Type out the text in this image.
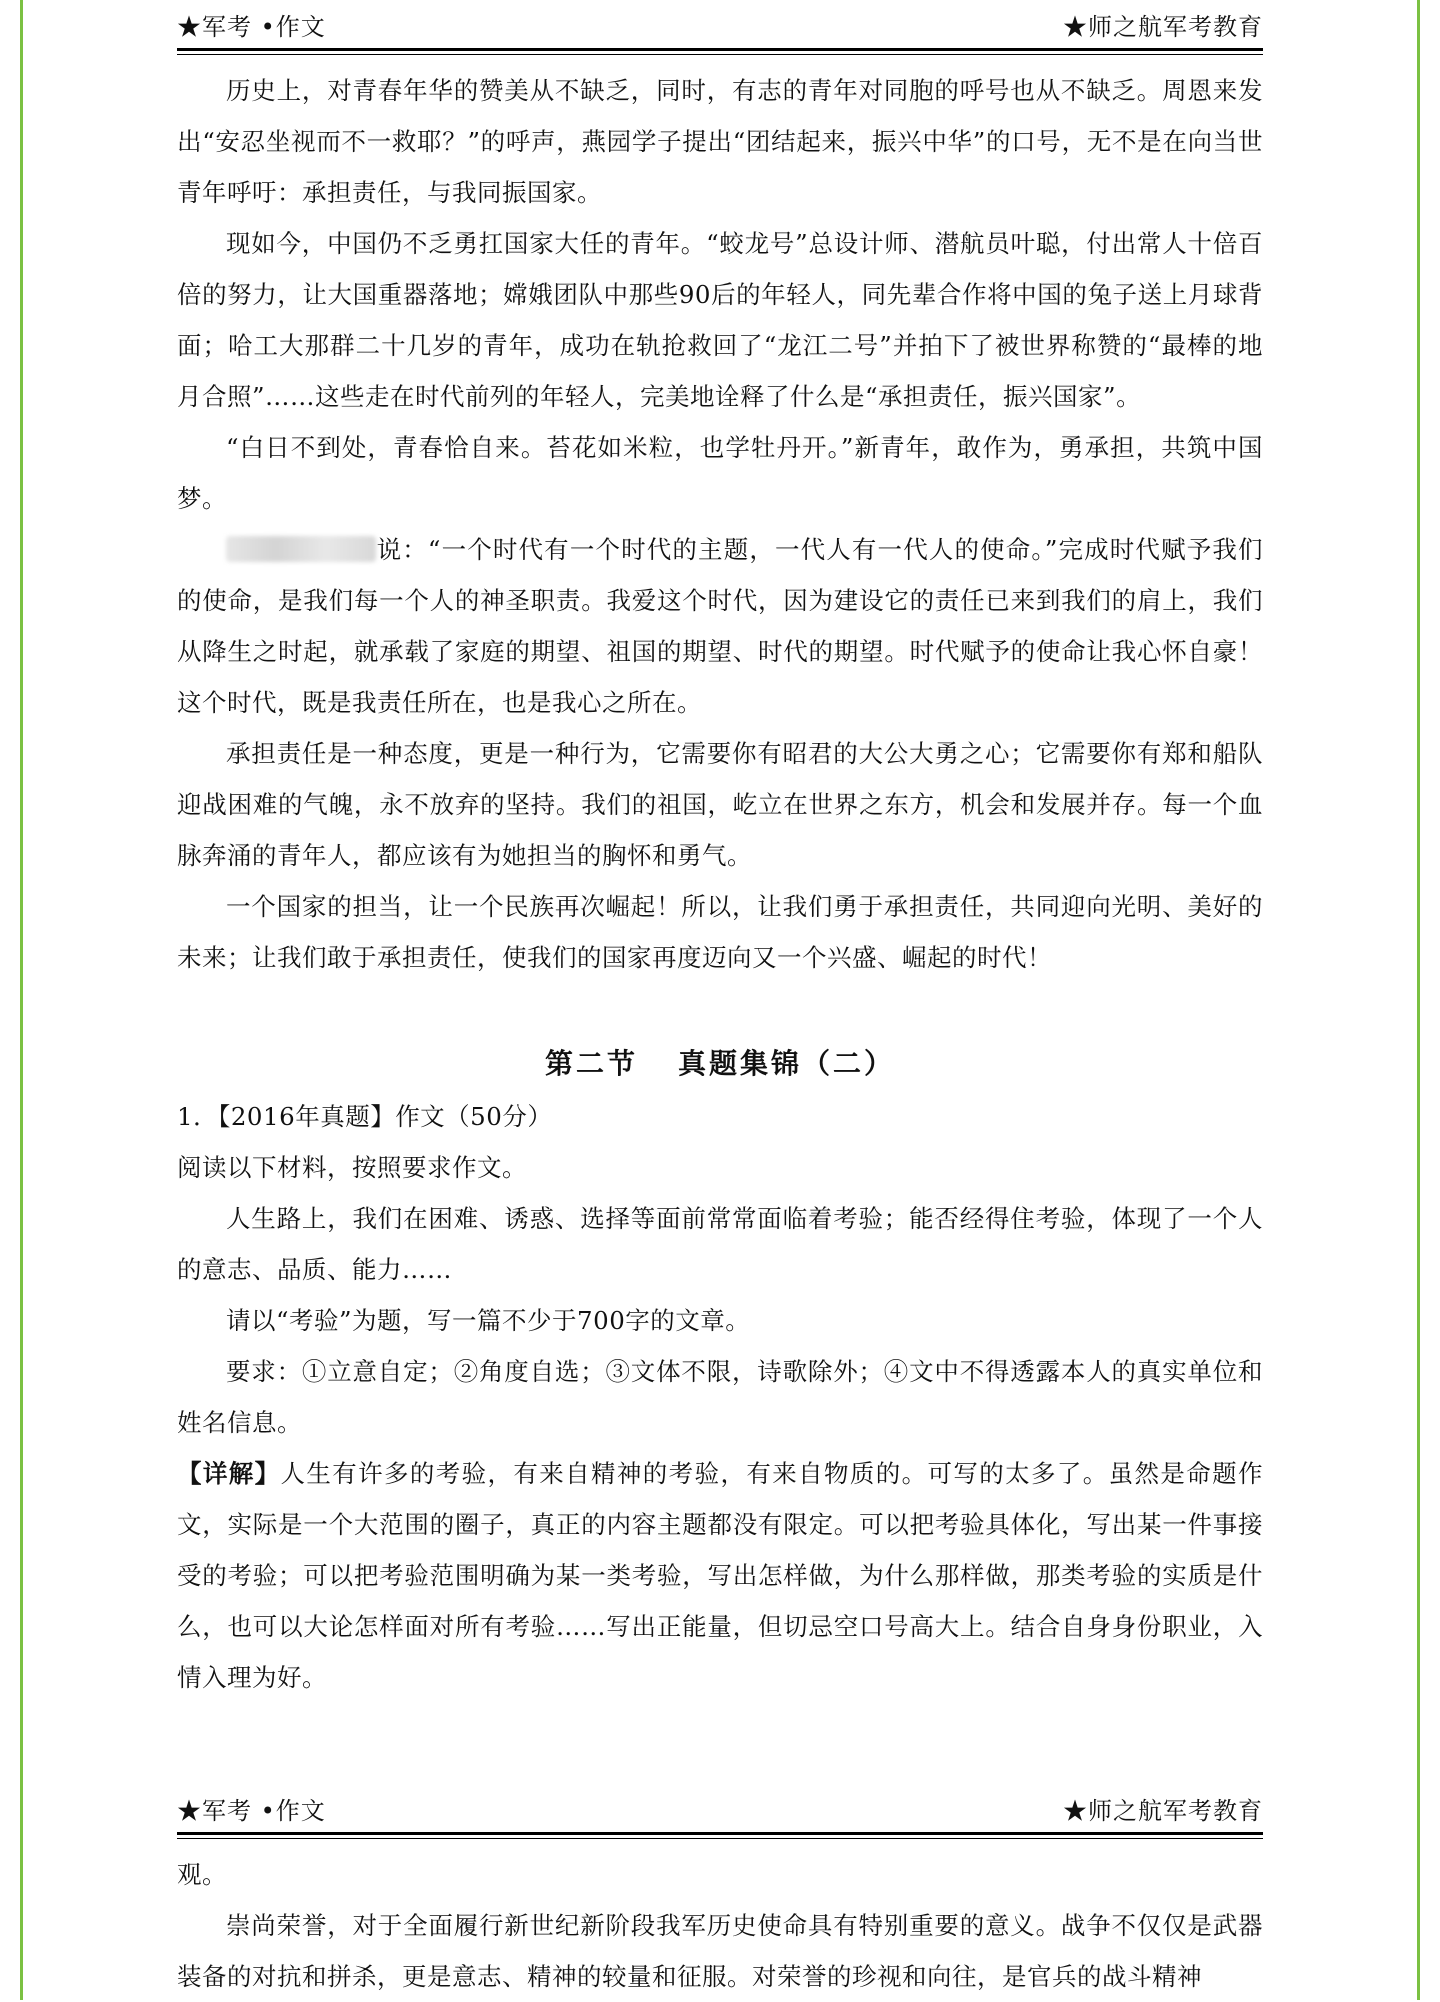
★军考 •作文	★师之航军考教育

历史上，对青春年华的赞美从不缺乏，同时，有志的青年对同胞的呼号也从不缺乏。周恩来发出“安忍坐视而不一救耶？”的呼声，燕园学子提出“团结起来，振兴中华”的口号，无不是在向当世青年呼吁：承担责任，与我同振国家。

现如今，中国仍不乏勇扛国家大任的青年。“蛟龙号”总设计师、潜航员叶聪，付出常人十倍百倍的努力，让大国重器落地；嫦娥团队中那些90后的年轻人，同先辈合作将中国的兔子送上月球背面；哈工大那群二十几岁的青年，成功在轨抢救回了“龙江二号”并拍下了被世界称赞的“最棒的地月合照”……这些走在时代前列的年轻人，完美地诠释了什么是“承担责任，振兴国家”。

“白日不到处，青春恰自来。苔花如米粒，也学牡丹开。”新青年，敢作为，勇承担，共筑中国梦。

说：“一个时代有一个时代的主题，一代人有一代人的使命。”完成时代赋予我们的使命，是我们每一个人的神圣职责。我爱这个时代，因为建设它的责任已来到我们的肩上，我们从降生之时起，就承载了家庭的期望、祖国的期望、时代的期望。时代赋予的使命让我心怀自豪！这个时代，既是我责任所在，也是我心之所在。

承担责任是一种态度，更是一种行为，它需要你有昭君的大公大勇之心；它需要你有郑和船队迎战困难的气魄，永不放弃的坚持。我们的祖国，屹立在世界之东方，机会和发展并存。每一个血脉奔涌的青年人，都应该有为她担当的胸怀和勇气。

一个国家的担当，让一个民族再次崛起！所以，让我们勇于承担责任，共同迎向光明、美好的未来；让我们敢于承担责任，使我们的国家再度迈向又一个兴盛、崛起的时代！

第二节 真题集锦（二）

1．【2016年真题】作文（50分）

阅读以下材料，按照要求作文。

人生路上，我们在困难、诱惑、选择等面前常常面临着考验；能否经得住考验，体现了一个人的意志、品质、能力……

请以“考验”为题，写一篇不少于700字的文章。

要求：①立意自定；②角度自选；③文体不限，诗歌除外；④文中不得透露本人的真实单位和姓名信息。

【详解】人生有许多的考验，有来自精神的考验，有来自物质的。可写的太多了。虽然是命题作文，实际是一个大范围的圈子，真正的内容主题都没有限定。可以把考验具体化，写出某一件事接受的考验；可以把考验范围明确为某一类考验，写出怎样做，为什么那样做，那类考验的实质是什么，也可以大论怎样面对所有考验……写出正能量，但切忌空口号高大上。结合自身身份职业，入情入理为好。

★军考 •作文	★师之航军考教育

观。

崇尚荣誉，对于全面履行新世纪新阶段我军历史使命具有特别重要的意义。战争不仅仅是武器装备的对抗和拼杀，更是意志、精神的较量和征服。对荣誉的珍视和向往，是官兵的战斗精神
